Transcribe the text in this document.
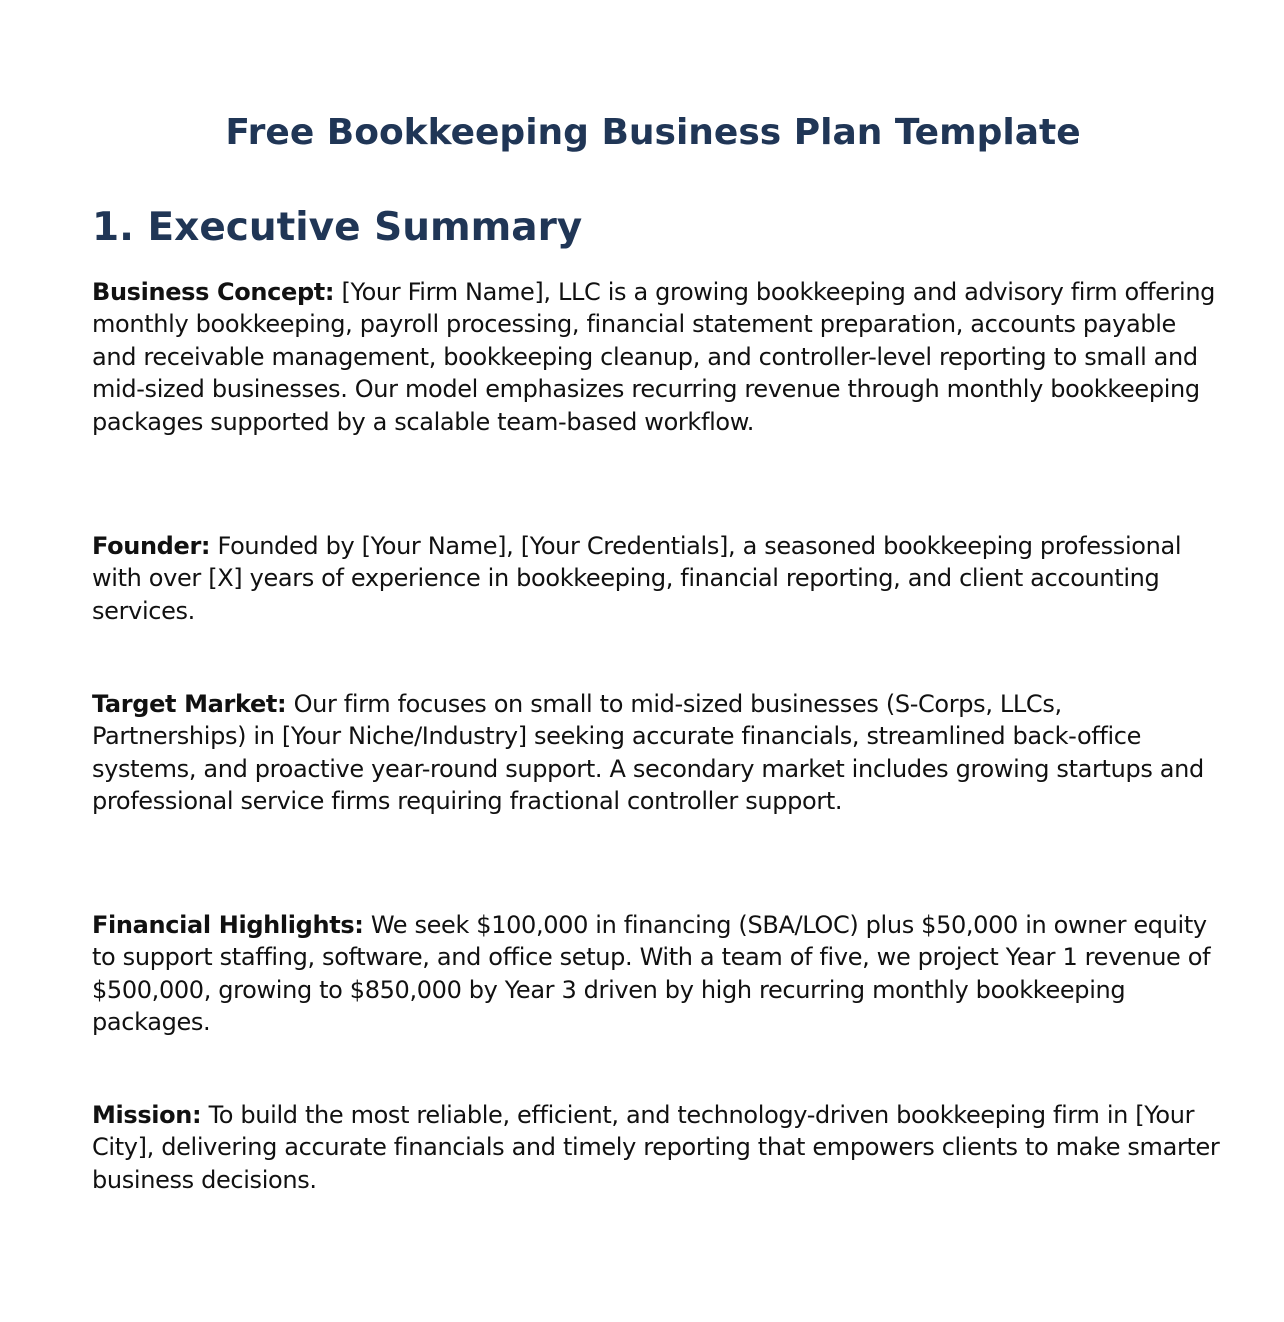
Free Bookkeeping Business Plan Template
1. Executive Summary

Business Concept: [Your Firm Name], LLC is a growing bookkeeping and advisory firm offering monthly bookkeeping, payroll processing, financial statement preparation, accounts payable and receivable management, bookkeeping cleanup, and controller-level reporting to small and mid-sized businesses. Our model emphasizes recurring revenue through monthly bookkeeping packages supported by a scalable team-based workflow.

Founder: Founded by [Your Name], [Your Credentials], a seasoned bookkeeping professional with over [X] years of experience in bookkeeping, financial reporting, and client accounting services.

Target Market: Our firm focuses on small to mid-sized businesses (S-Corps, LLCs, Partnerships) in [Your Niche/Industry] seeking accurate financials, streamlined back-office systems, and proactive year-round support. A secondary market includes growing startups and professional service firms requiring fractional controller support.

Financial Highlights: We seek $100,000 in financing (SBA/LOC) plus $50,000 in owner equity to support staffing, software, and office setup. With a team of five, we project Year 1 revenue of $500,000, growing to $850,000 by Year 3 driven by high recurring monthly bookkeeping packages.

Mission: To build the most reliable, efficient, and technology-driven bookkeeping firm in [Your City], delivering accurate financials and timely reporting that empowers clients to make smarter business decisions.
